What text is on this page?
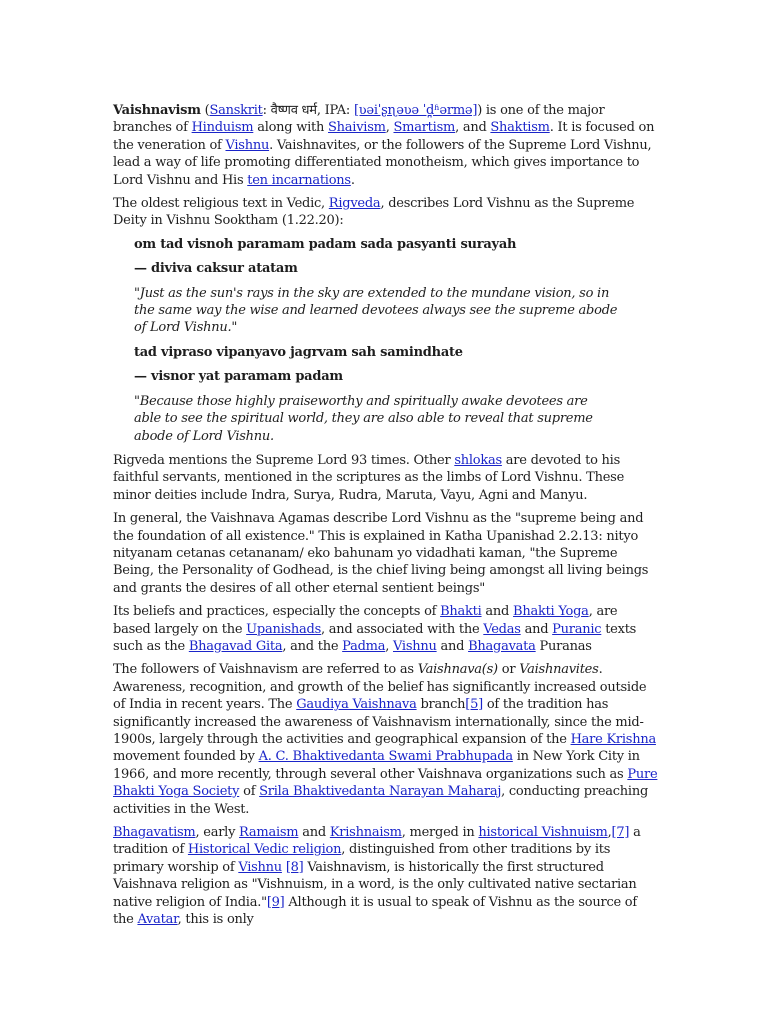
Vaishnavism (Sanskrit: वैष्णव धर्म, IPA: [ʋəiˈʂɳəʋə ˈd̪ʱərmə]) is one of the major branches of Hinduism along with Shaivism, Smartism, and Shaktism. It is focused on the veneration of Vishnu. Vaishnavites, or the followers of the Supreme Lord Vishnu, lead a way of life promoting differentiated monotheism, which gives importance to Lord Vishnu and His ten incarnations.

The oldest religious text in Vedic, Rigveda, describes Lord Vishnu as the Supreme Deity in Vishnu Sooktham (1.22.20):

om tad visnoh paramam padam sada pasyanti surayah

— diviva caksur atatam

"Just as the sun's rays in the sky are extended to the mundane vision, so in the same way the wise and learned devotees always see the supreme abode of Lord Vishnu."

tad vipraso vipanyavo jagrvam sah samindhate

— visnor yat paramam padam

"Because those highly praiseworthy and spiritually awake devotees are able to see the spiritual world, they are also able to reveal that supreme abode of Lord Vishnu.

Rigveda mentions the Supreme Lord 93 times. Other shlokas are devoted to his faithful servants, mentioned in the scriptures as the limbs of Lord Vishnu. These minor deities include Indra, Surya, Rudra, Maruta, Vayu, Agni and Manyu.

In general, the Vaishnava Agamas describe Lord Vishnu as the "supreme being and the foundation of all existence." This is explained in Katha Upanishad 2.2.13: nityo nityanam cetanas cetananam/ eko bahunam yo vidadhati kaman, "the Supreme Being, the Personality of Godhead, is the chief living being amongst all living beings and grants the desires of all other eternal sentient beings"

Its beliefs and practices, especially the concepts of Bhakti and Bhakti Yoga, are based largely on the Upanishads, and associated with the Vedas and Puranic texts such as the Bhagavad Gita, and the Padma, Vishnu and Bhagavata Puranas

The followers of Vaishnavism are referred to as Vaishnava(s) or Vaishnavites. Awareness, recognition, and growth of the belief has significantly increased outside of India in recent years. The Gaudiya Vaishnava branch[5] of the tradition has significantly increased the awareness of Vaishnavism internationally, since the mid-1900s, largely through the activities and geographical expansion of the Hare Krishna movement founded by A. C. Bhaktivedanta Swami Prabhupada in New York City in 1966, and more recently, through several other Vaishnava organizations such as Pure Bhakti Yoga Society of Srila Bhaktivedanta Narayan Maharaj, conducting preaching activities in the West.

Bhagavatism, early Ramaism and Krishnaism, merged in historical Vishnuism,[7] a tradition of Historical Vedic religion, distinguished from other traditions by its primary worship of Vishnu [8] Vaishnavism, is historically the first structured Vaishnava religion as "Vishnuism, in a word, is the only cultivated native sectarian native religion of India."[9] Although it is usual to speak of Vishnu as the source of the Avatar, this is only
